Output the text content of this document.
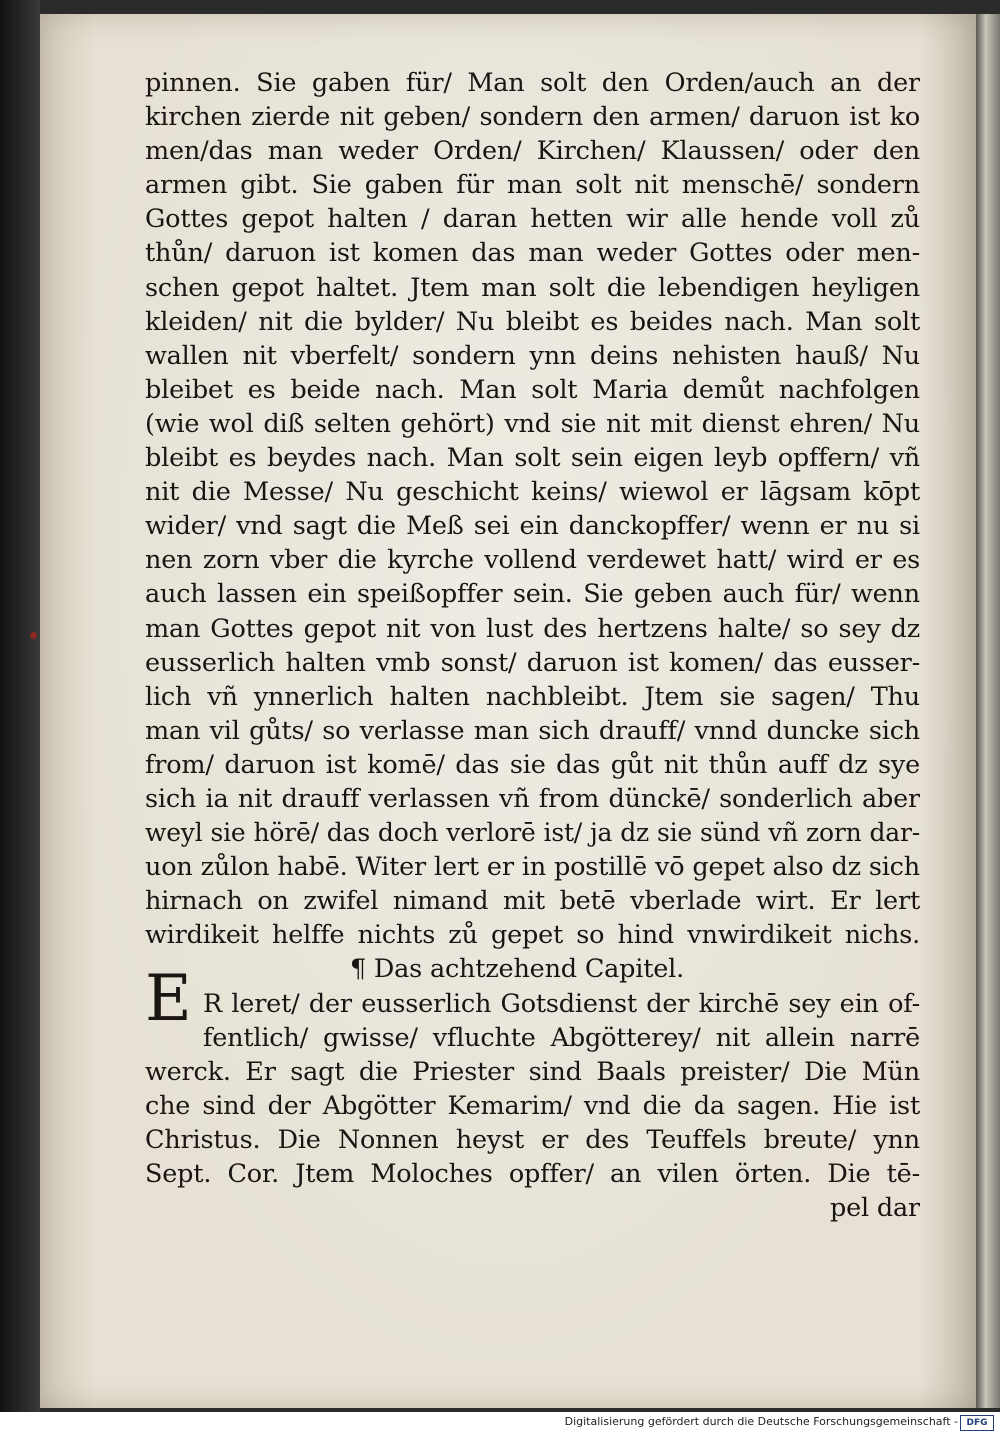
pinnen. Sie gaben für/ Man solt den Orden/auch an der
kirchen zierde nit geben/ sondern den armen/ daruon ist ko
men/das man weder Orden/ Kirchen/ Klaussen/ oder den
armen gibt. Sie gaben für man solt nit menschē/ sondern
Gottes gepot halten / daran hetten wir alle hende voll zů
thůn/ daruon ist komen das man weder Gottes oder men-
schen gepot haltet. Jtem man solt die lebendigen heyligen
kleiden/ nit die bylder/ Nu bleibt es beides nach. Man solt
wallen nit vberfelt/ sondern ynn deins nehisten hauß/ Nu
bleibet es beide nach. Man solt Maria demůt nachfolgen
(wie wol diß selten gehört) vnd sie nit mit dienst ehren/ Nu
bleibt es beydes nach. Man solt sein eigen leyb opffern/ vñ
nit die Messe/ Nu geschicht keins/ wiewol er lāgsam kōpt
wider/ vnd sagt die Meß sei ein danckopffer/ wenn er nu si
nen zorn vber die kyrche vollend verdewet hatt/ wird er es
auch lassen ein speißopffer sein. Sie geben auch für/ wenn
man Gottes gepot nit von lust des hertzens halte/ so sey dz
eusserlich halten vmb sonst/ daruon ist komen/ das eusser-
lich vñ ynnerlich halten nachbleibt. Jtem sie sagen/ Thu
man vil gůts/ so verlasse man sich drauff/ vnnd duncke sich
from/ daruon ist komē/ das sie das gůt nit thůn auff dz sye
sich ia nit drauff verlassen vñ from dünckē/ sonderlich aber
weyl sie hörē/ das doch verlorē ist/ ja dz sie sünd vñ zorn dar-
uon zůlon habē. Witer lert er in postillē vō gepet also dz sich
hirnach on zwifel nimand mit betē vberlade wirt. Er lert
wirdikeit helffe nichts zů gepet so hind vnwirdikeit nichs.
¶ Das achtzehend Capitel.
R leret/ der eusserlich Gotsdienst der kirchē sey ein of-
fentlich/ gwisse/ vfluchte Abgötterey/ nit allein narrē
werck. Er sagt die Priester sind Baals preister/ Die Mün
che sind der Abgötter Kemarim/ vnd die da sagen. Hie ist
Christus. Die Nonnen heyst er des Teuffels breute/ ynn
Sept. Cor. Jtem Moloches opffer/ an vilen örten. Die tē-
pel dar
E
Digitalisierung gefördert durch die Deutsche Forschungsgemeinschaft - DFG
